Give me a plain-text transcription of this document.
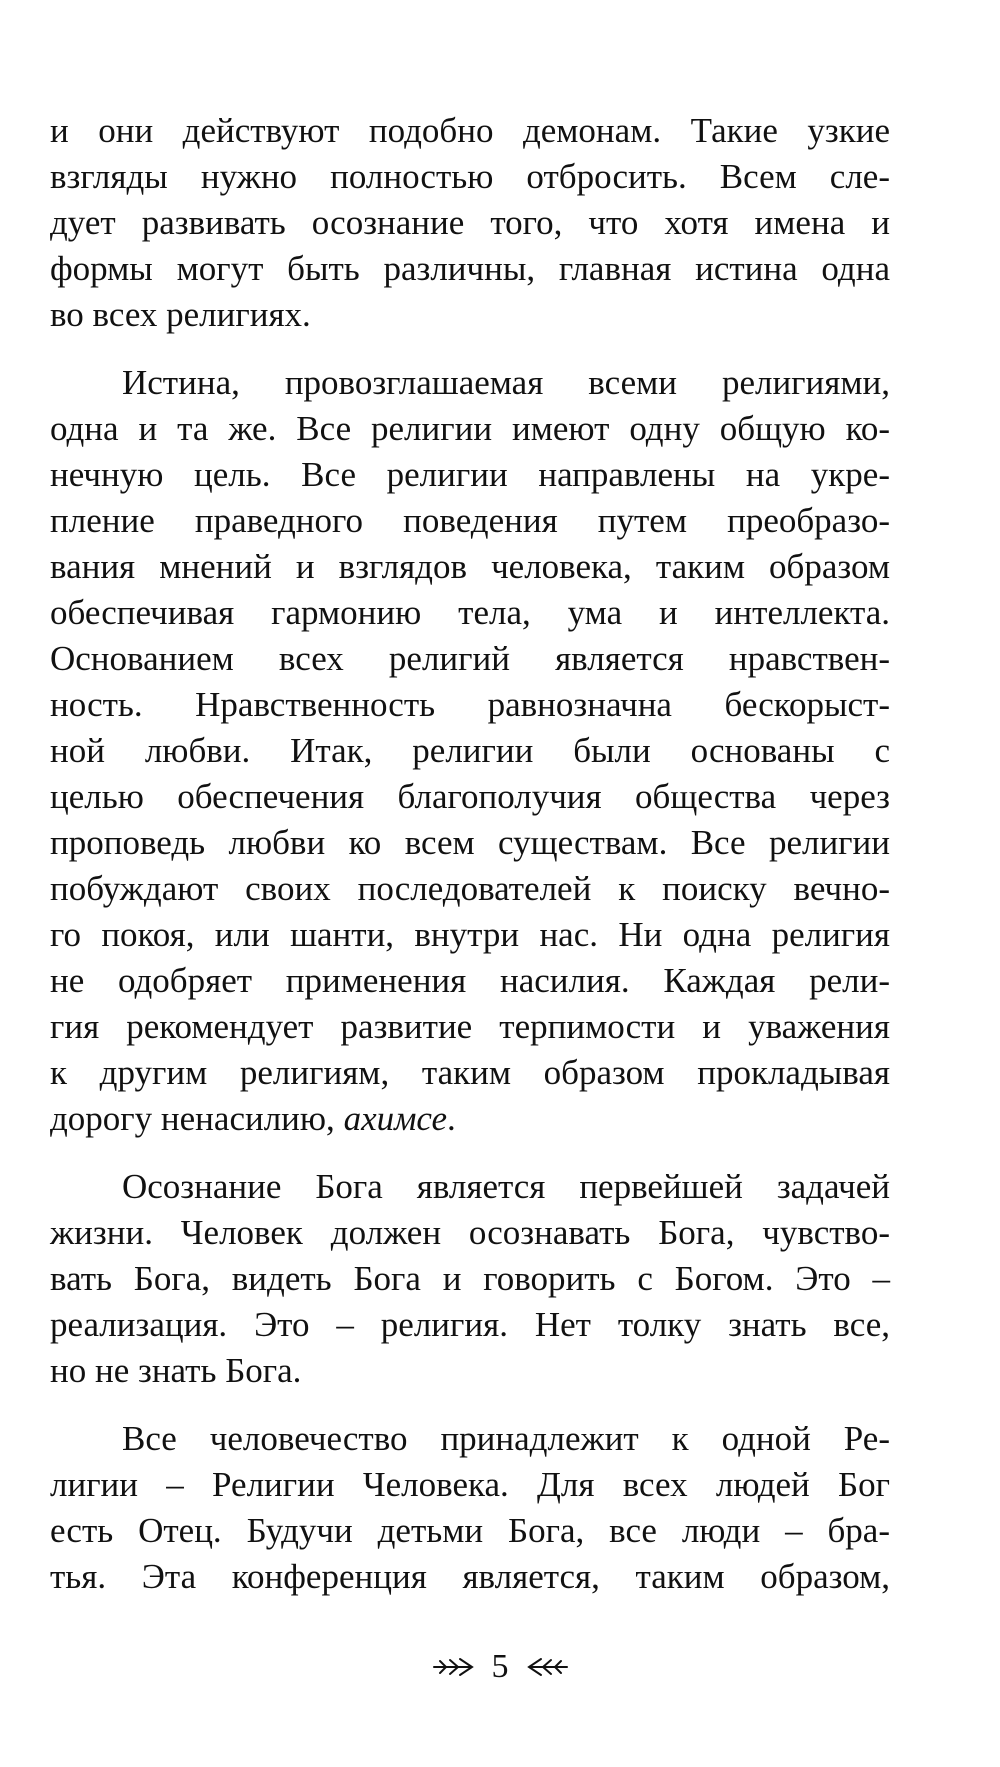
и они действуют подобно демонам. Такие узкие
взгляды нужно полностью отбросить. Всем сле-
дует развивать осознание того, что хотя имена и
формы могут быть различны, главная истина одна
во всех религиях.
Истина, провозглашаемая всеми религиями,
одна и та же. Все религии имеют одну общую ко-
нечную цель. Все религии направлены на укре-
пление праведного поведения путем преобразо-
вания мнений и взглядов человека, таким образом
обеспечивая гармонию тела, ума и интеллекта.
Основанием всех религий является нравствен-
ность. Нравственность равнозначна бескорыст-
ной любви. Итак, религии были основаны с
целью обеспечения благополучия общества через
проповедь любви ко всем существам. Все религии
побуждают своих последователей к поиску вечно-
го покоя, или шанти, внутри нас. Ни одна религия
не одобряет применения насилия. Каждая рели-
гия рекомендует развитие терпимости и уважения
к другим религиям, таким образом прокладывая
дорогу ненасилию, ахимсе.
Осознание Бога является первейшей задачей
жизни. Человек должен осознавать Бога, чувство-
вать Бога, видеть Бога и говорить с Богом. Это –
реализация. Это – религия. Нет толку знать все,
но не знать Бога.
Все человечество принадлежит к одной Ре-
лигии – Религии Человека. Для всех людей Бог
есть Отец. Будучи детьми Бога, все люди – бра-
тья. Эта конференция является, таким образом,
5
